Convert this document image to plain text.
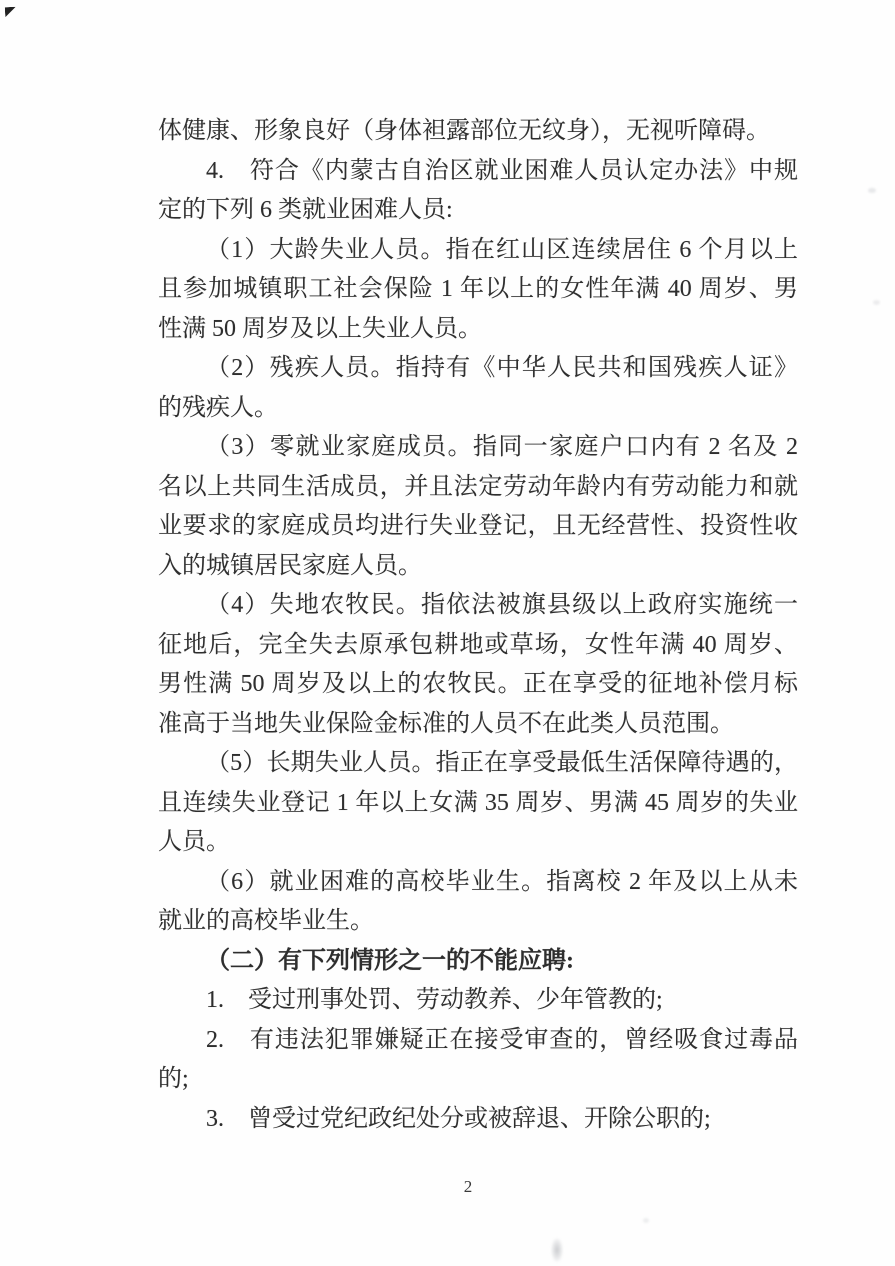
体健康、形象良好（身体袒露部位无纹身），无视听障碍。
4.　符合《内蒙古自治区就业困难人员认定办法》中规
定的下列 6 类就业困难人员:
（1）大龄失业人员。指在红山区连续居住 6 个月以上
且参加城镇职工社会保险 1 年以上的女性年满 40 周岁、男
性满 50 周岁及以上失业人员。
（2）残疾人员。指持有《中华人民共和国残疾人证》
的残疾人。
（3）零就业家庭成员。指同一家庭户口内有 2 名及 2
名以上共同生活成员，并且法定劳动年龄内有劳动能力和就
业要求的家庭成员均进行失业登记，且无经营性、投资性收
入的城镇居民家庭人员。
（4）失地农牧民。指依法被旗县级以上政府实施统一
征地后，完全失去原承包耕地或草场，女性年满 40 周岁、
男性满 50 周岁及以上的农牧民。正在享受的征地补偿月标
准高于当地失业保险金标准的人员不在此类人员范围。
（5）长期失业人员。指正在享受最低生活保障待遇的，
且连续失业登记 1 年以上女满 35 周岁、男满 45 周岁的失业
人员。
（6）就业困难的高校毕业生。指离校 2 年及以上从未
就业的高校毕业生。
（二）有下列情形之一的不能应聘:
1.　受过刑事处罚、劳动教养、少年管教的;
2.　有违法犯罪嫌疑正在接受审查的，曾经吸食过毒品
的;
3.　曾受过党纪政纪处分或被辞退、开除公职的;
2
